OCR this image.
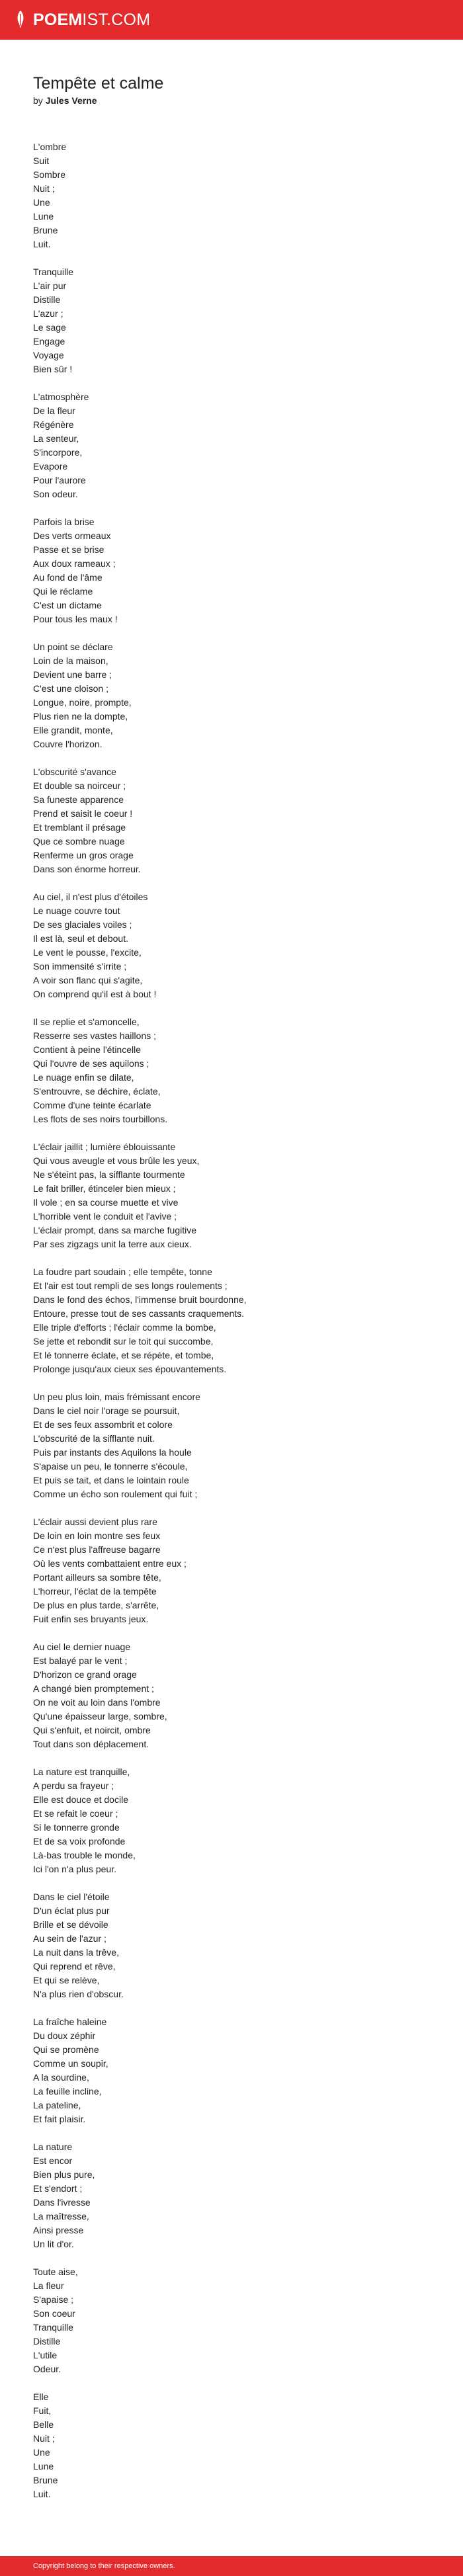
POEM IST.COM
Tempête et calme
by Jules Verne
L'ombre
Suit
Sombre
Nuit ;
Une
Lune
Brune
Luit.
Tranquille
L'air pur
Distille
L'azur ;
Le sage
Engage
Voyage
Bien sûr !
L'atmosphère
De la fleur
Régénère
La senteur,
S'incorpore,
Evapore
Pour l'aurore
Son odeur.
Parfois la brise
Des verts ormeaux
Passe et se brise
Aux doux rameaux ;
Au fond de l'âme
Qui le réclame
C'est un dictame
Pour tous les maux !
Un point se déclare
Loin de la maison,
Devient une barre ;
C'est une cloison ;
Longue, noire, prompte,
Plus rien ne la dompte,
Elle grandit, monte,
Couvre l'horizon.
L'obscurité s'avance
Et double sa noirceur ;
Sa funeste apparence
Prend et saisit le coeur !
Et tremblant il présage
Que ce sombre nuage
Renferme un gros orage
Dans son énorme horreur.
Au ciel, il n'est plus d'étoiles
Le nuage couvre tout
De ses glaciales voiles ;
Il est là, seul et debout.
Le vent le pousse, l'excite,
Son immensité s'irrite ;
A voir son flanc qui s'agite,
On comprend qu'il est à bout !
Il se replie et s'amoncelle,
Resserre ses vastes haillons ;
Contient à peine l'étincelle
Qui l'ouvre de ses aquilons ;
Le nuage enfin se dilate,
S'entrouvre, se déchire, éclate,
Comme d'une teinte écarlate
Les flots de ses noirs tourbillons.
L'éclair jaillit ; lumière éblouissante
Qui vous aveugle et vous brûle les yeux,
Ne s'éteint pas, la sifflante tourmente
Le fait briller, étinceler bien mieux ;
Il vole ; en sa course muette et vive
L'horrible vent le conduit et l'avive ;
L'éclair prompt, dans sa marche fugitive
Par ses zigzags unit la terre aux cieux.
La foudre part soudain ; elle tempête, tonne
Et l'air est tout rempli de ses longs roulements ;
Dans le fond des échos, l'immense bruit bourdonne,
Entoure, presse tout de ses cassants craquements.
Elle triple d'efforts ; l'éclair comme la bombe,
Se jette et rebondit sur le toit qui succombe,
Et lé tonnerre éclate, et se répète, et tombe,
Prolonge jusqu'aux cieux ses épouvantements.
Un peu plus loin, mais frémissant encore
Dans le ciel noir l'orage se poursuit,
Et de ses feux assombrit et colore
L'obscurité de la sifflante nuit.
Puis par instants des Aquilons la houle
S'apaise un peu, le tonnerre s'écoule,
Et puis se tait, et dans le lointain roule
Comme un écho son roulement qui fuit ;
L'éclair aussi devient plus rare
De loin en loin montre ses feux
Ce n'est plus l'affreuse bagarre
Où les vents combattaient entre eux ;
Portant ailleurs sa sombre tête,
L'horreur, l'éclat de la tempête
De plus en plus tarde, s'arrête,
Fuit enfin ses bruyants jeux.
Au ciel le dernier nuage
Est balayé par le vent ;
D'horizon ce grand orage
A changé bien promptement ;
On ne voit au loin dans l'ombre
Qu'une épaisseur large, sombre,
Qui s'enfuit, et noircit, ombre
Tout dans son déplacement.
La nature est tranquille,
A perdu sa frayeur ;
Elle est douce et docile
Et se refait le coeur ;
Si le tonnerre gronde
Et de sa voix profonde
Là-bas trouble le monde,
Ici l'on n'a plus peur.
Dans le ciel l'étoile
D'un éclat plus pur
Brille et se dévoile
Au sein de l'azur ;
La nuit dans la trêve,
Qui reprend et rêve,
Et qui se relève,
N'a plus rien d'obscur.
La fraîche haleine
Du doux zéphir
Qui se promène
Comme un soupir,
A la sourdine,
La feuille incline,
La pateline,
Et fait plaisir.
La nature
Est encor
Bien plus pure,
Et s'endort ;
Dans l'ivresse
La maîtresse,
Ainsi presse
Un lit d'or.
Toute aise,
La fleur
S'apaise ;
Son coeur
Tranquille
Distille
L'utile
Odeur.
Elle
Fuit,
Belle
Nuit ;
Une
Lune
Brune
Luit.
Copyright belong to their respective owners.
